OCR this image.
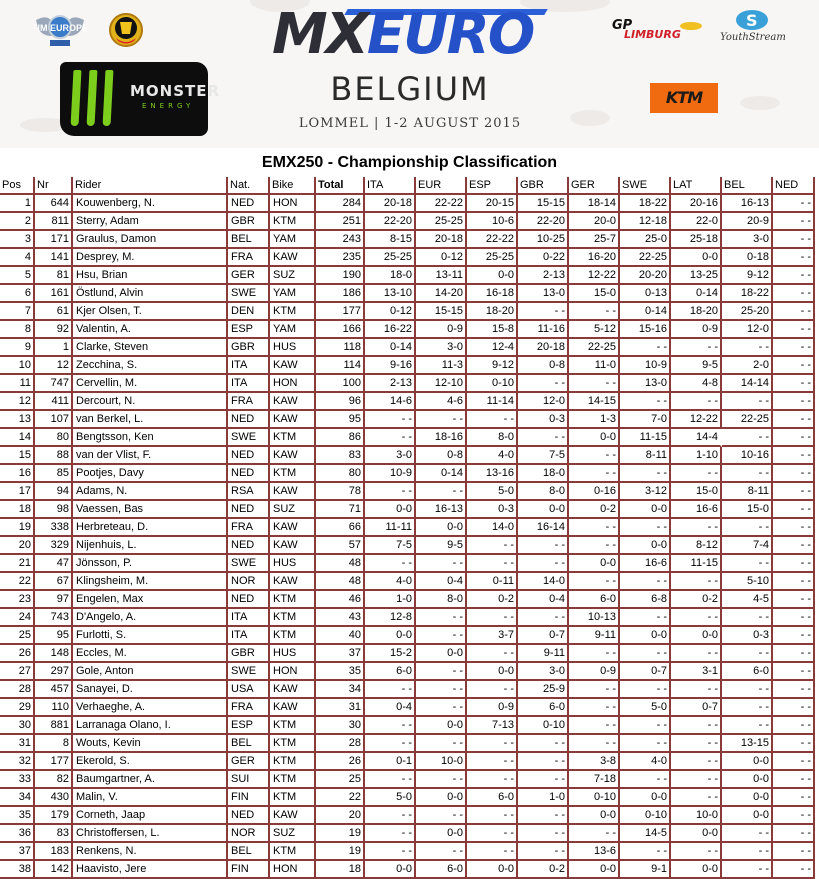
FIM EUROPE
MONSTER
ENERGY
MXEURO
BELGIUM
LOMMEL | 1-2 AUGUST 2015
GP
LIMBURG
S
YouthStream
KTM
EMX250 - Championship Classification
Pos	Nr	Rider	Nat.	Bike	Total	ITA	EUR	ESP	GBR	GER	SWE	LAT	BEL	NED
1	644	Kouwenberg, N.	NED	HON	284	20-18	22-22	20-15	15-15	18-14	18-22	20-16	16-13	- -
2	811	Sterry, Adam	GBR	KTM	251	22-20	25-25	10-6	22-20	20-0	12-18	22-0	20-9	- -
3	171	Graulus, Damon	BEL	YAM	243	8-15	20-18	22-22	10-25	25-7	25-0	25-18	3-0	- -
4	141	Desprey, M.	FRA	KAW	235	25-25	0-12	25-25	0-22	16-20	22-25	0-0	0-18	- -
5	81	Hsu, Brian	GER	SUZ	190	18-0	13-11	0-0	2-13	12-22	20-20	13-25	9-12	- -
6	161	Östlund, Alvin	SWE	YAM	186	13-10	14-20	16-18	13-0	15-0	0-13	0-14	18-22	- -
7	61	Kjer Olsen, T.	DEN	KTM	177	0-12	15-15	18-20	- -	- -	0-14	18-20	25-20	- -
8	92	Valentin, A.	ESP	YAM	166	16-22	0-9	15-8	11-16	5-12	15-16	0-9	12-0	- -
9	1	Clarke, Steven	GBR	HUS	118	0-14	3-0	12-4	20-18	22-25	- -	- -	- -	- -
10	12	Zecchina, S.	ITA	KAW	114	9-16	11-3	9-12	0-8	11-0	10-9	9-5	2-0	- -
11	747	Cervellin, M.	ITA	HON	100	2-13	12-10	0-10	- -	- -	13-0	4-8	14-14	- -
12	411	Dercourt, N.	FRA	KAW	96	14-6	4-6	11-14	12-0	14-15	- -	- -	- -	- -
13	107	van Berkel, L.	NED	KAW	95	- -	- -	- -	0-3	1-3	7-0	12-22	22-25	- -
14	80	Bengtsson, Ken	SWE	KTM	86	- -	18-16	8-0	- -	0-0	11-15	14-4	- -	- -
15	88	van der Vlist, F.	NED	KAW	83	3-0	0-8	4-0	7-5	- -	8-11	1-10	10-16	- -
16	85	Pootjes, Davy	NED	KTM	80	10-9	0-14	13-16	18-0	- -	- -	- -	- -	- -
17	94	Adams, N.	RSA	KAW	78	- -	- -	5-0	8-0	0-16	3-12	15-0	8-11	- -
18	98	Vaessen, Bas	NED	SUZ	71	0-0	16-13	0-3	0-0	0-2	0-0	16-6	15-0	- -
19	338	Herbreteau, D.	FRA	KAW	66	11-11	0-0	14-0	16-14	- -	- -	- -	- -	- -
20	329	Nijenhuis, L.	NED	KAW	57	7-5	9-5	- -	- -	- -	0-0	8-12	7-4	- -
21	47	Jönsson, P.	SWE	HUS	48	- -	- -	- -	- -	0-0	16-6	11-15	- -	- -
22	67	Klingsheim, M.	NOR	KAW	48	4-0	0-4	0-11	14-0	- -	- -	- -	5-10	- -
23	97	Engelen, Max	NED	KTM	46	1-0	8-0	0-2	0-4	6-0	6-8	0-2	4-5	- -
24	743	D'Angelo, A.	ITA	KTM	43	12-8	- -	- -	- -	10-13	- -	- -	- -	- -
25	95	Furlotti, S.	ITA	KTM	40	0-0	- -	3-7	0-7	9-11	0-0	0-0	0-3	- -
26	148	Eccles, M.	GBR	HUS	37	15-2	0-0	- -	9-11	- -	- -	- -	- -	- -
27	297	Gole, Anton	SWE	HON	35	6-0	- -	0-0	3-0	0-9	0-7	3-1	6-0	- -
28	457	Sanayei, D.	USA	KAW	34	- -	- -	- -	25-9	- -	- -	- -	- -	- -
29	110	Verhaeghe, A.	FRA	KAW	31	0-4	- -	0-9	6-0	- -	5-0	0-7	- -	- -
30	881	Larranaga Olano, I.	ESP	KTM	30	- -	0-0	7-13	0-10	- -	- -	- -	- -	- -
31	8	Wouts, Kevin	BEL	KTM	28	- -	- -	- -	- -	- -	- -	- -	13-15	- -
32	177	Ekerold, S.	GER	KTM	26	0-1	10-0	- -	- -	3-8	4-0	- -	0-0	- -
33	82	Baumgartner, A.	SUI	KTM	25	- -	- -	- -	- -	7-18	- -	- -	0-0	- -
34	430	Malin, V.	FIN	KTM	22	5-0	0-0	6-0	1-0	0-10	0-0	- -	0-0	- -
35	179	Corneth, Jaap	NED	KAW	20	- -	- -	- -	- -	0-0	0-10	10-0	0-0	- -
36	83	Christoffersen, L.	NOR	SUZ	19	- -	0-0	- -	- -	- -	14-5	0-0	- -	- -
37	183	Renkens, N.	BEL	KTM	19	- -	- -	- -	- -	13-6	- -	- -	- -	- -
38	142	Haavisto, Jere	FIN	HON	18	0-0	6-0	0-0	0-2	0-0	9-1	0-0	- -	- -
